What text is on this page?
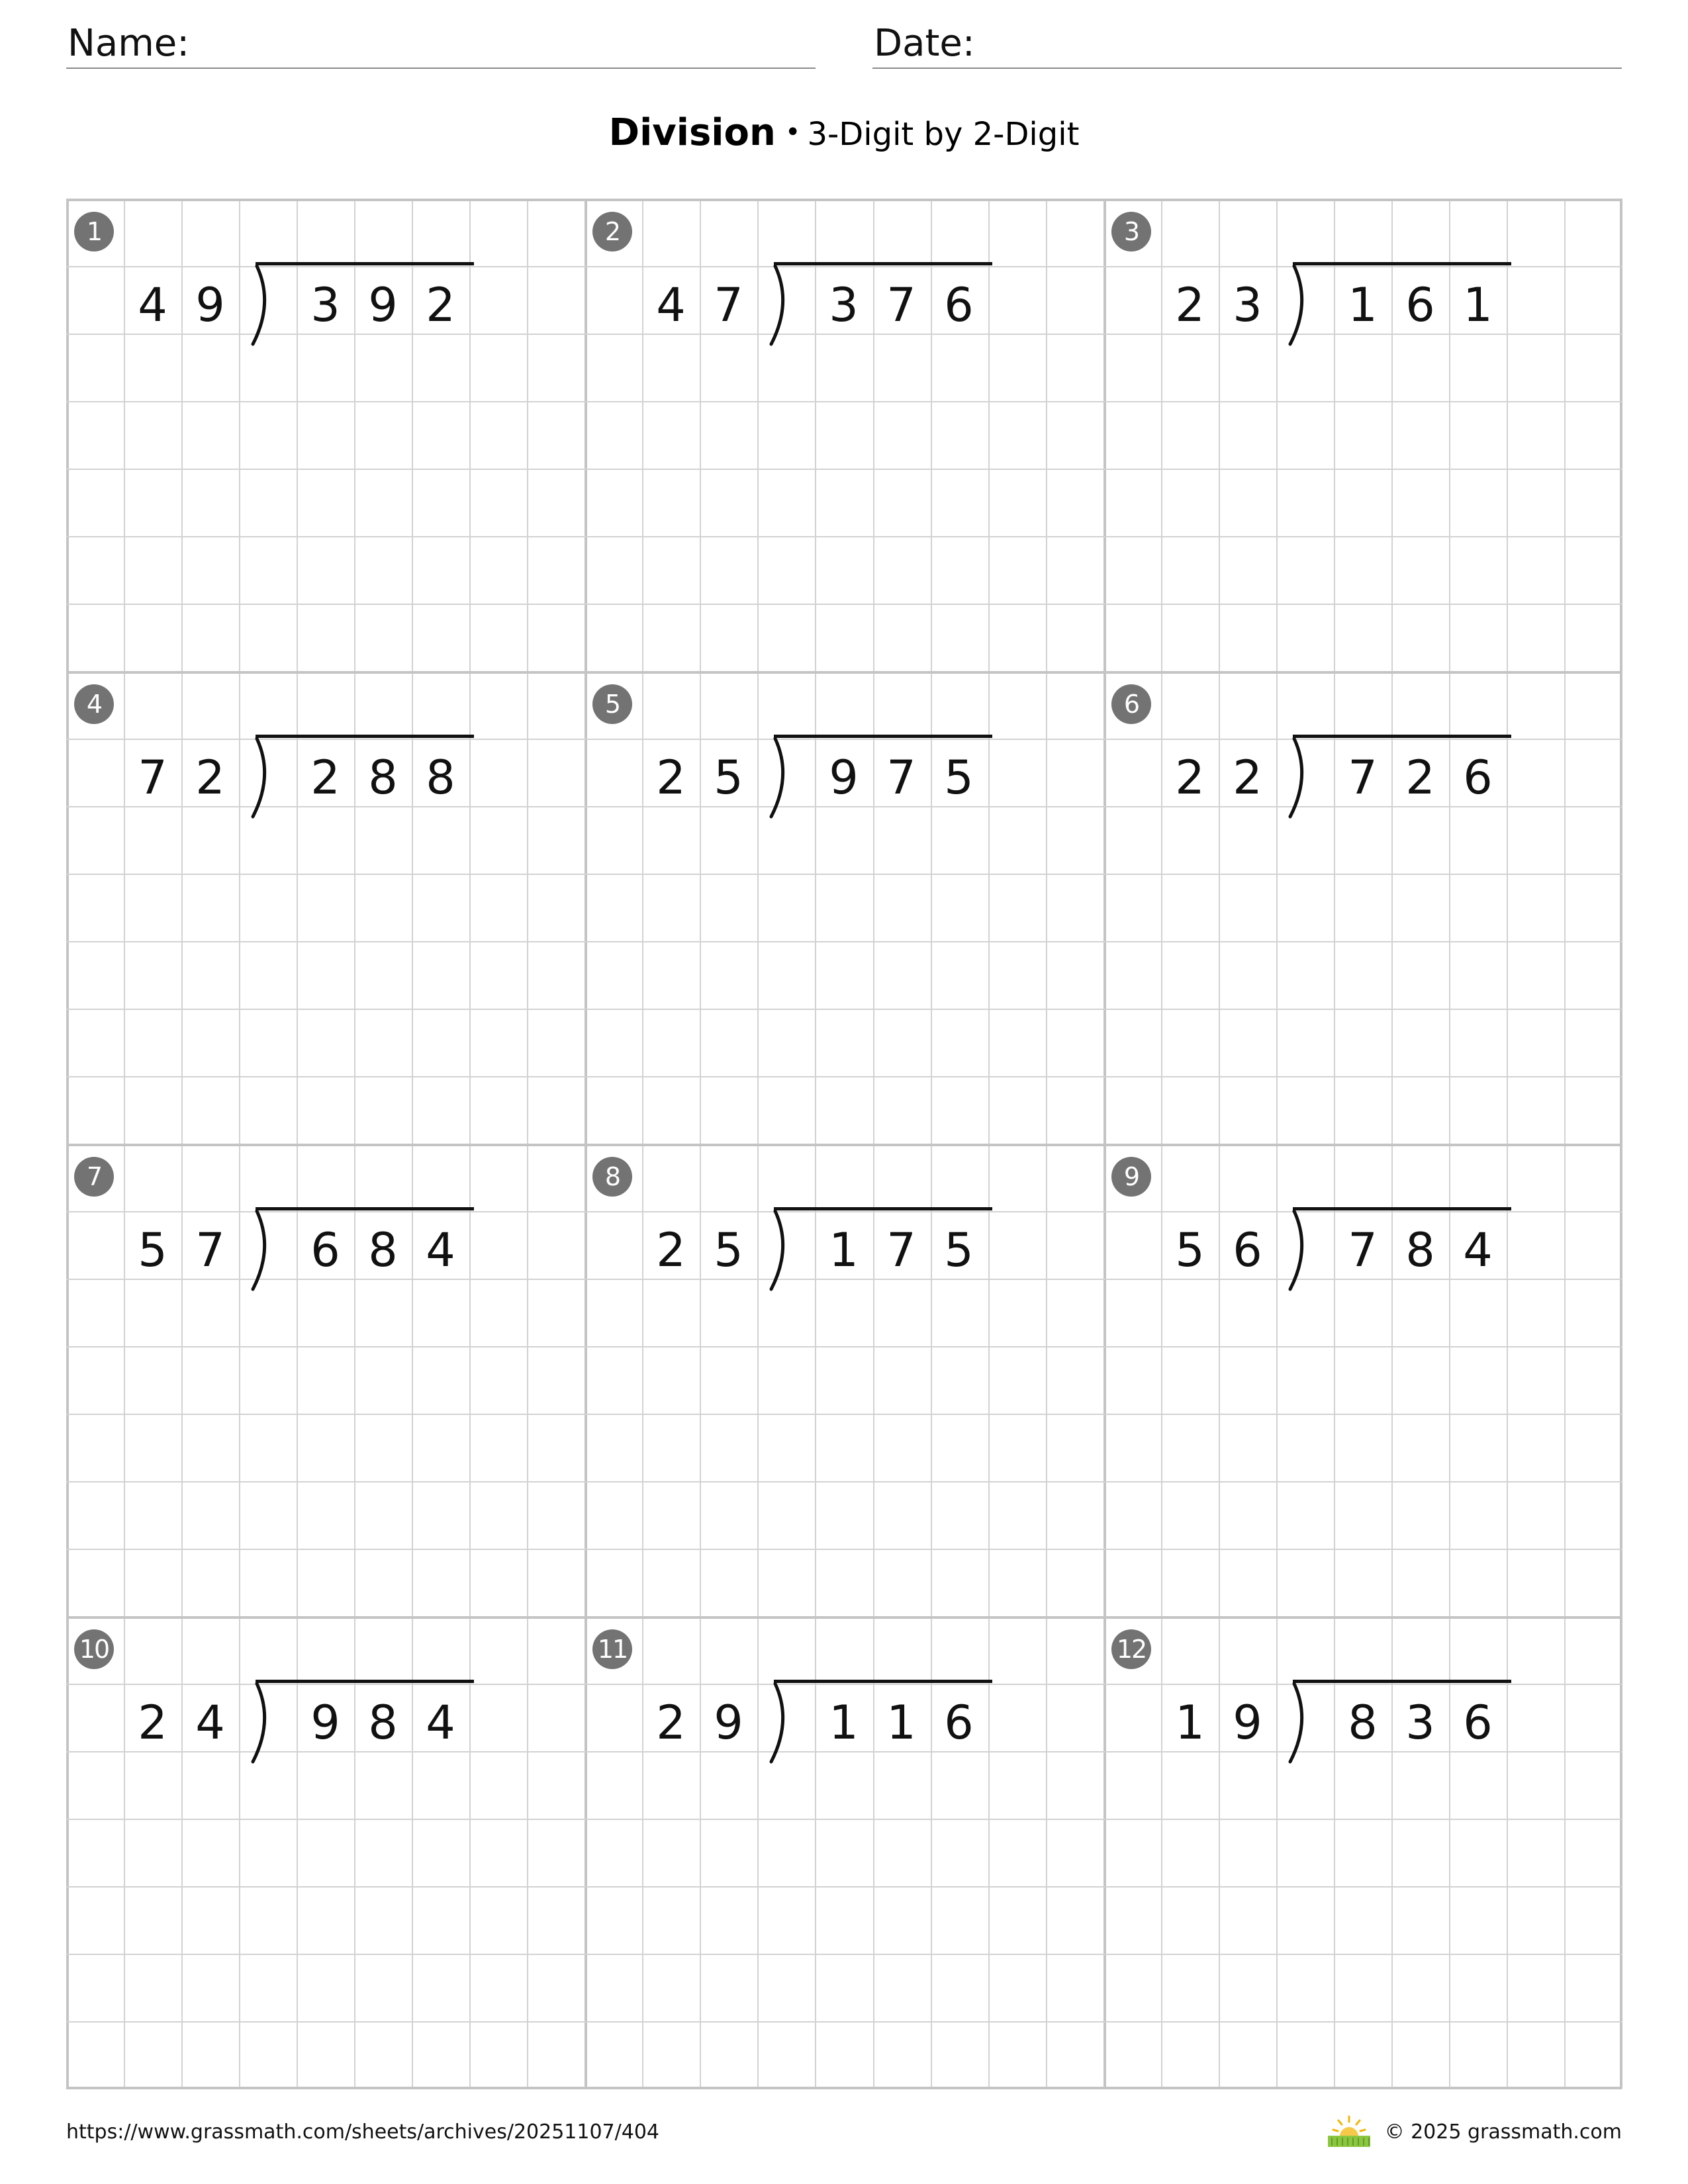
Name:	Date:
Division • 3-Digit by 2-Digit
1
4 9	3 9 2
2
4 7	3 7 6
3
2 3	1 6 1
4
7 2	2 8 8
5
2 5	9 7 5
6
2 2	7 2 6
7
5 7	6 8 4
8
2 5	1 7 5
9
5 6	7 8 4
10
2 4	9 8 4
11
2 9	1 1 6
12
1 9	8 3 6
https://www.grassmath.com/sheets/archives/20251107/404	© 2025 grassmath.com
